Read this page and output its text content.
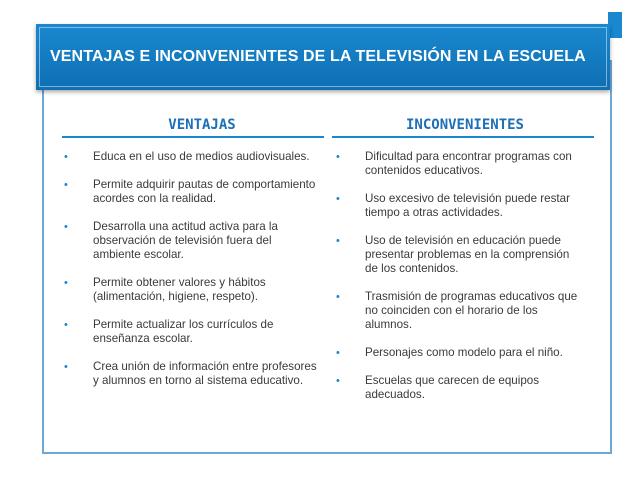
VENTAJAS E INCONVENIENTES DE LA TELEVISIÓN EN LA ESCUELA
VENTAJAS	INCONVENIENTES
• Educa en el uso de medios audiovisuales.
• Permite adquirir pautas de comportamiento acordes con la realidad.
• Desarrolla una actitud activa para la observación de televisión fuera del ambiente escolar.
• Permite obtener valores y hábitos (alimentación, higiene, respeto).
• Permite actualizar los currículos de enseñanza escolar.
• Crea unión de información entre profesores y alumnos en torno al sistema educativo.
• Dificultad para encontrar programas con contenidos educativos.
• Uso excesivo de televisión puede restar tiempo a otras actividades.
• Uso de televisión en educación puede presentar problemas en la comprensión de los contenidos.
• Trasmisión de programas educativos que no coinciden con el horario de los alumnos.
• Personajes como modelo para el niño.
• Escuelas que carecen de equipos adecuados.
